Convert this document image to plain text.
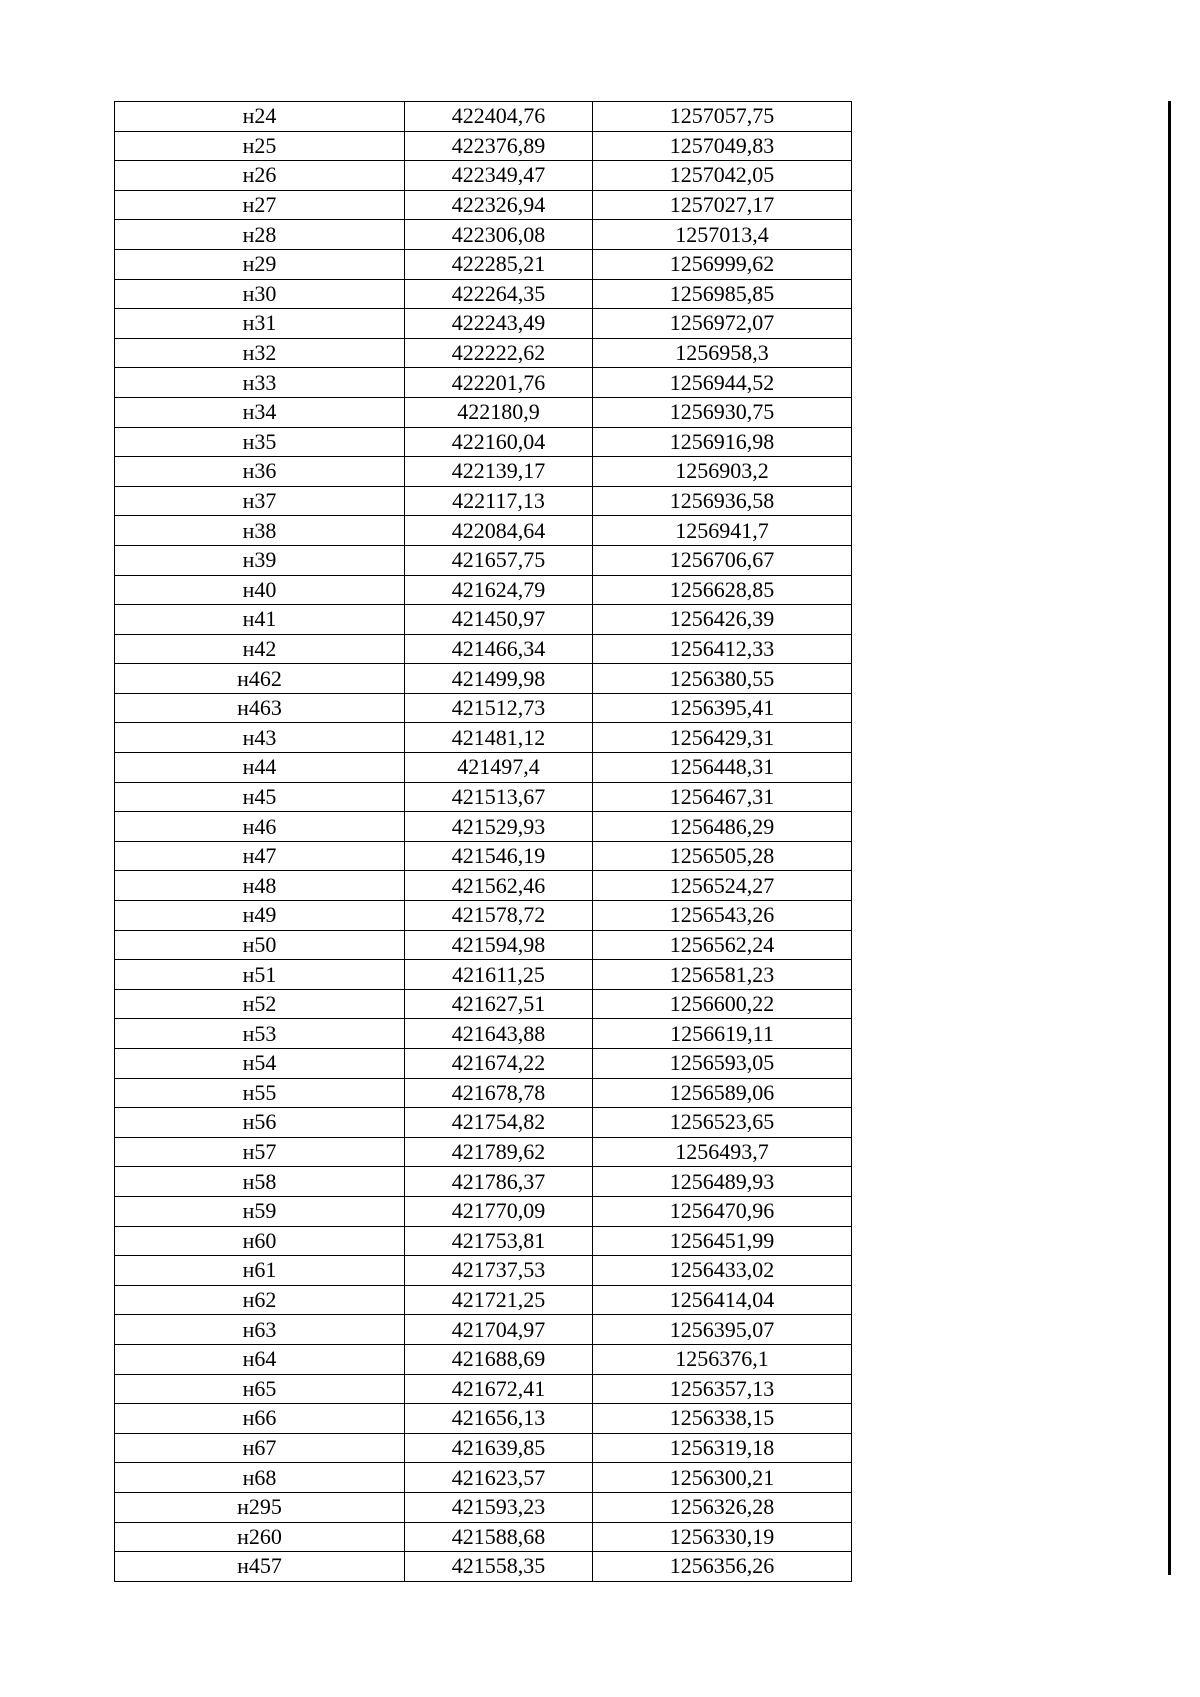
н24	422404,76	1257057,75
н25	422376,89	1257049,83
н26	422349,47	1257042,05
н27	422326,94	1257027,17
н28	422306,08	1257013,4
н29	422285,21	1256999,62
н30	422264,35	1256985,85
н31	422243,49	1256972,07
н32	422222,62	1256958,3
н33	422201,76	1256944,52
н34	422180,9	1256930,75
н35	422160,04	1256916,98
н36	422139,17	1256903,2
н37	422117,13	1256936,58
н38	422084,64	1256941,7
н39	421657,75	1256706,67
н40	421624,79	1256628,85
н41	421450,97	1256426,39
н42	421466,34	1256412,33
н462	421499,98	1256380,55
н463	421512,73	1256395,41
н43	421481,12	1256429,31
н44	421497,4	1256448,31
н45	421513,67	1256467,31
н46	421529,93	1256486,29
н47	421546,19	1256505,28
н48	421562,46	1256524,27
н49	421578,72	1256543,26
н50	421594,98	1256562,24
н51	421611,25	1256581,23
н52	421627,51	1256600,22
н53	421643,88	1256619,11
н54	421674,22	1256593,05
н55	421678,78	1256589,06
н56	421754,82	1256523,65
н57	421789,62	1256493,7
н58	421786,37	1256489,93
н59	421770,09	1256470,96
н60	421753,81	1256451,99
н61	421737,53	1256433,02
н62	421721,25	1256414,04
н63	421704,97	1256395,07
н64	421688,69	1256376,1
н65	421672,41	1256357,13
н66	421656,13	1256338,15
н67	421639,85	1256319,18
н68	421623,57	1256300,21
н295	421593,23	1256326,28
н260	421588,68	1256330,19
н457	421558,35	1256356,26
